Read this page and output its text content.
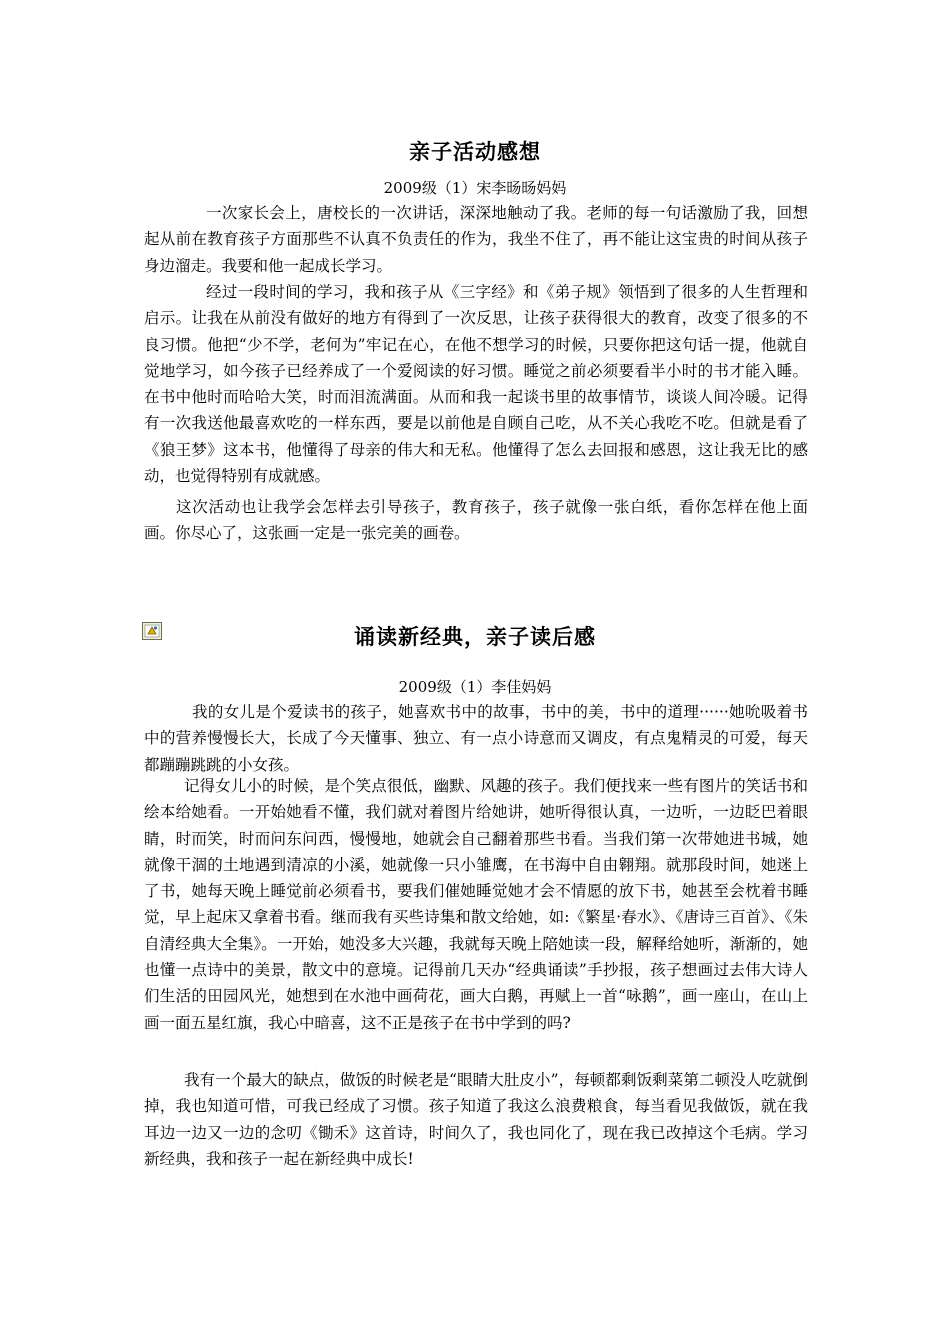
亲子活动感想
2009级（1）宋李旸旸妈妈

一次家长会上，唐校长的一次讲话，深深地触动了我。老师的每一句话激励了我，回想起从前在教育孩子方面那些不认真不负责任的作为，我坐不住了，再不能让这宝贵的时间从孩子身边溜走。我要和他一起成长学习。

经过一段时间的学习，我和孩子从《三字经》和《弟子规》领悟到了很多的人生哲理和启示。让我在从前没有做好的地方有得到了一次反思，让孩子获得很大的教育，改变了很多的不良习惯。他把“少不学，老何为”牢记在心，在他不想学习的时候，只要你把这句话一提，他就自觉地学习，如今孩子已经养成了一个爱阅读的好习惯。睡觉之前必须要看半小时的书才能入睡。在书中他时而哈哈大笑，时而泪流满面。从而和我一起谈书里的故事情节，谈谈人间冷暖。记得有一次我送他最喜欢吃的一样东西，要是以前他是自顾自己吃，从不关心我吃不吃。但就是看了《狼王梦》这本书，他懂得了母亲的伟大和无私。他懂得了怎么去回报和感恩，这让我无比的感动，也觉得特别有成就感。

这次活动也让我学会怎样去引导孩子，教育孩子，孩子就像一张白纸，看你怎样在他上面画。你尽心了，这张画一定是一张完美的画卷。

诵读新经典，亲子读后感
2009级（1）李佳妈妈

我的女儿是个爱读书的孩子，她喜欢书中的故事，书中的美，书中的道理······她吮吸着书中的营养慢慢长大，长成了今天懂事、独立、有一点小诗意而又调皮，有点鬼精灵的可爱，每天都蹦蹦跳跳的小女孩。

记得女儿小的时候，是个笑点很低，幽默、风趣的孩子。我们便找来一些有图片的笑话书和绘本给她看。一开始她看不懂，我们就对着图片给她讲，她听得很认真，一边听，一边眨巴着眼睛，时而笑，时而问东问西，慢慢地，她就会自己翻着那些书看。当我们第一次带她进书城，她就像干涸的土地遇到清凉的小溪，她就像一只小雏鹰，在书海中自由翱翔。就那段时间，她迷上了书，她每天晚上睡觉前必须看书，要我们催她睡觉她才会不情愿的放下书，她甚至会枕着书睡觉，早上起床又拿着书看。继而我有买些诗集和散文给她，如:《繁星·春水》、《唐诗三百首》、《朱自清经典大全集》。一开始，她没多大兴趣，我就每天晚上陪她读一段，解释给她听，渐渐的，她也懂一点诗中的美景，散文中的意境。记得前几天办“经典诵读”手抄报，孩子想画过去伟大诗人们生活的田园风光，她想到在水池中画荷花，画大白鹅，再赋上一首“咏鹅”，画一座山，在山上画一面五星红旗，我心中暗喜，这不正是孩子在书中学到的吗?

我有一个最大的缺点，做饭的时候老是“眼睛大肚皮小”，每顿都剩饭剩菜第二顿没人吃就倒掉，我也知道可惜，可我已经成了习惯。孩子知道了我这么浪费粮食，每当看见我做饭，就在我耳边一边又一边的念叨《锄禾》这首诗，时间久了，我也同化了，现在我已改掉这个毛病。学习新经典，我和孩子一起在新经典中成长!
